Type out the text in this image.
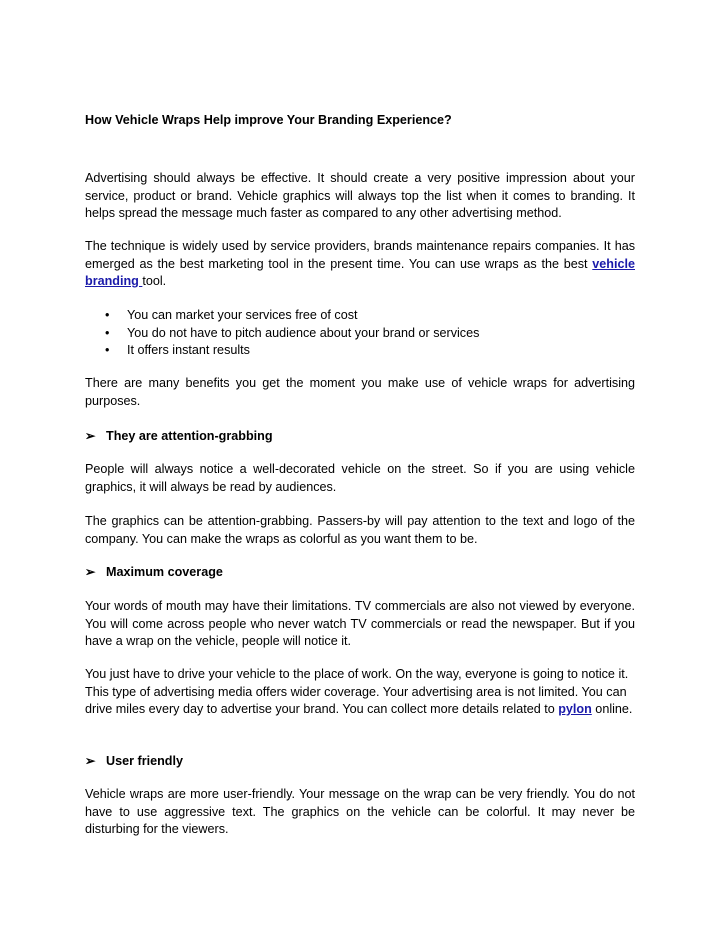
How Vehicle Wraps Help improve Your Branding Experience?
Advertising should always be effective. It should create a very positive impression about your service, product or brand. Vehicle graphics will always top the list when it comes to branding. It helps spread the message much faster as compared to any other advertising method.
The technique is widely used by service providers, brands maintenance repairs companies. It has emerged as the best marketing tool in the present time. You can use wraps as the best vehicle branding tool.
• You can market your services free of cost
• You do not have to pitch audience about your brand or services
• It offers instant results
There are many benefits you get the moment you make use of vehicle wraps for advertising purposes.
➢ They are attention-grabbing
People will always notice a well-decorated vehicle on the street. So if you are using vehicle graphics, it will always be read by audiences.
The graphics can be attention-grabbing. Passers-by will pay attention to the text and logo of the company. You can make the wraps as colorful as you want them to be.
➢ Maximum coverage
Your words of mouth may have their limitations. TV commercials are also not viewed by everyone. You will come across people who never watch TV commercials or read the newspaper. But if you have a wrap on the vehicle, people will notice it.
You just have to drive your vehicle to the place of work. On the way, everyone is going to notice it. This type of advertising media offers wider coverage. Your advertising area is not limited. You can drive miles every day to advertise your brand. You can collect more details related to pylon online.
➢ User friendly
Vehicle wraps are more user-friendly. Your message on the wrap can be very friendly. You do not have to use aggressive text. The graphics on the vehicle can be colorful. It may never be disturbing for the viewers.
